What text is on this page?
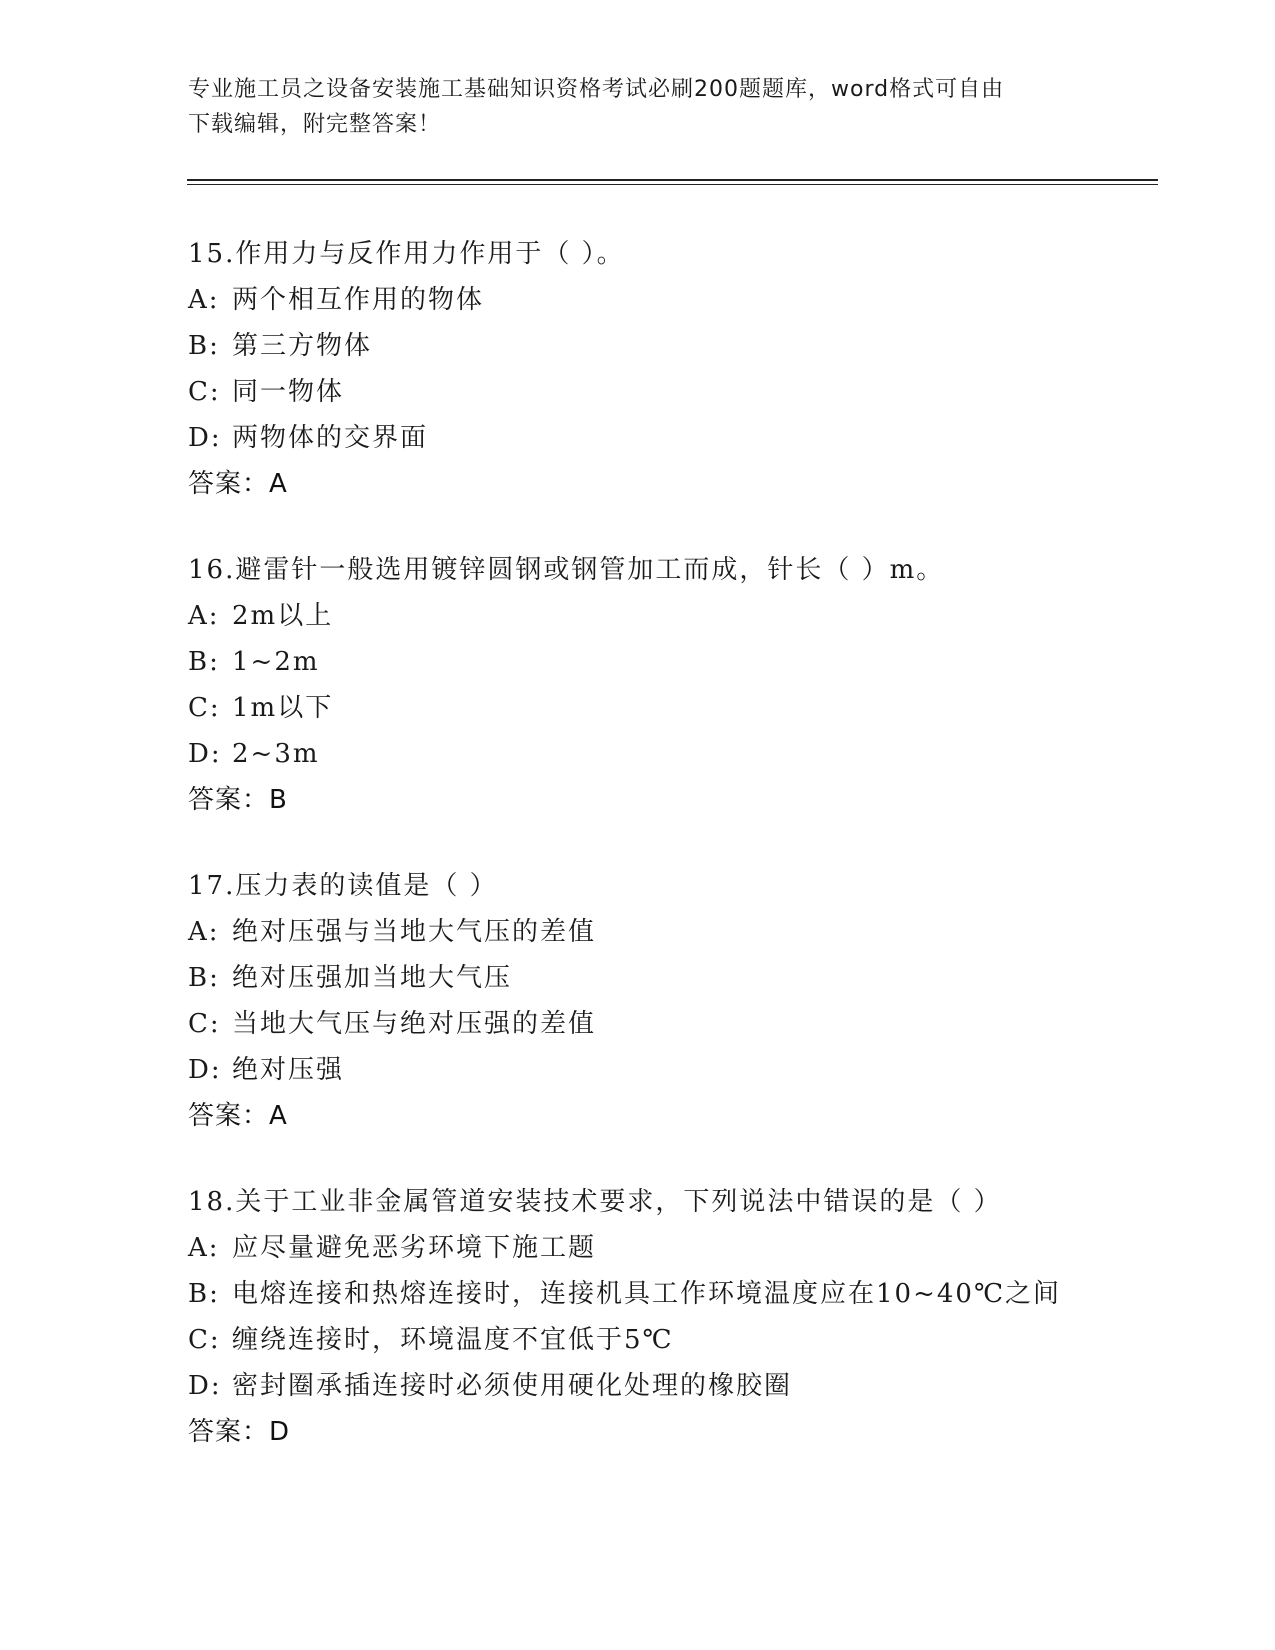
专业施工员之设备安装施工基础知识资格考试必刷200题题库，word格式可自由
下载编辑，附完整答案！
15.作用力与反作用力作用于（ ）。
A: 两个相互作用的物体
B: 第三方物体
C: 同一物体
D: 两物体的交界面
答案：A
16.避雷针一般选用镀锌圆钢或钢管加工而成，针长（ ）m。
A: 2m以上
B: 1~2m
C: 1m以下
D: 2~3m
答案：B
17.压力表的读值是（ ）
A: 绝对压强与当地大气压的差值
B: 绝对压强加当地大气压
C: 当地大气压与绝对压强的差值
D: 绝对压强
答案：A
18.关于工业非金属管道安装技术要求，下列说法中错误的是（ ）
A: 应尽量避免恶劣环境下施工题
B: 电熔连接和热熔连接时，连接机具工作环境温度应在10~40℃之间
C: 缠绕连接时，环境温度不宜低于5℃
D: 密封圈承插连接时必须使用硬化处理的橡胶圈
答案：D
